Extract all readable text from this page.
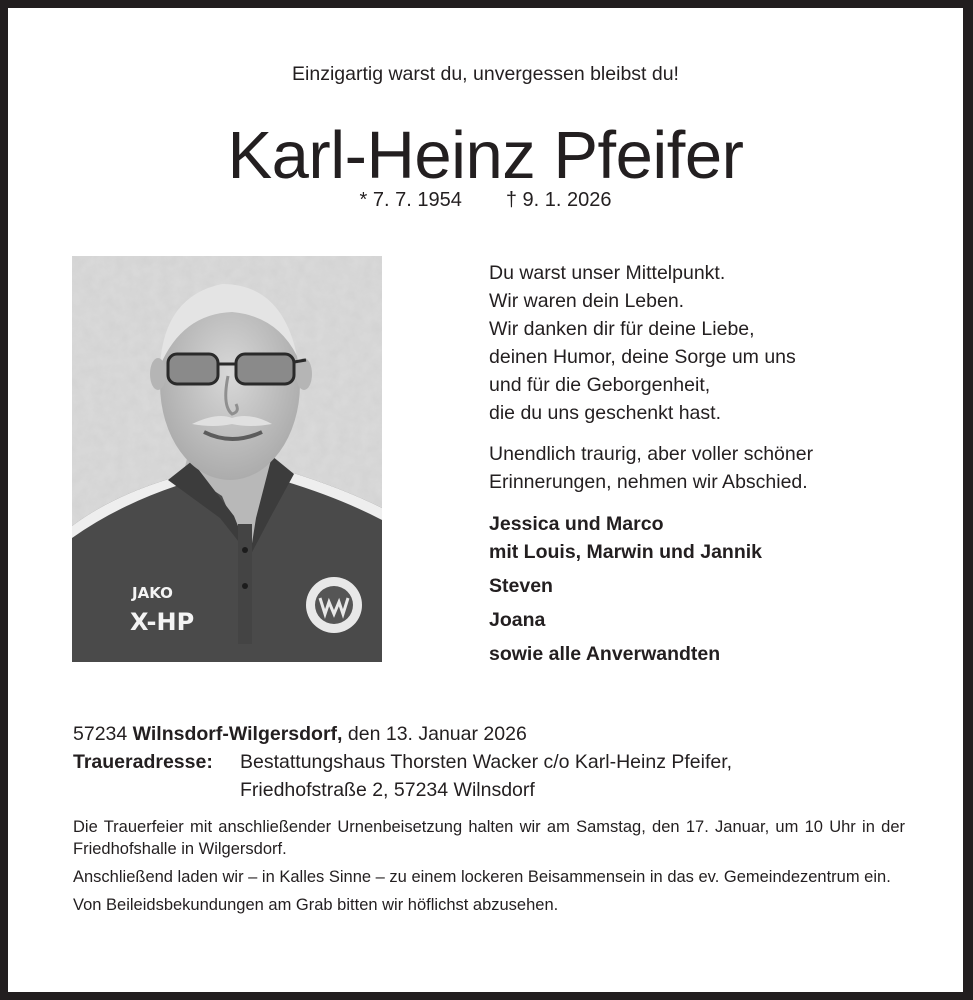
Einzigartig warst du, unvergessen bleibst du!
Karl-Heinz Pfeifer
* 7. 7. 1954 † 9. 1. 2026
JAKO
X-HP
Du warst unser Mittelpunkt.
Wir waren dein Leben.
Wir danken dir für deine Liebe,
deinen Humor, deine Sorge um uns
und für die Geborgenheit,
die du uns geschenkt hast.
Unendlich traurig, aber voller schöner
Erinnerungen, nehmen wir Abschied.
Jessica und Marco
mit Louis, Marwin und Jannik
Steven
Joana
sowie alle Anverwandten
57234 Wilnsdorf-Wilgersdorf, den 13. Januar 2026
Traueradresse: Bestattungshaus Thorsten Wacker c/o Karl-Heinz Pfeifer,
Friedhofstraße 2, 57234 Wilnsdorf

Die Trauerfeier mit anschließender Urnenbeisetzung halten wir am Samstag, den 17. Januar, um 10 Uhr in der Friedhofshalle in Wilgersdorf.

Anschließend laden wir – in Kalles Sinne – zu einem lockeren Beisammensein in das ev. Gemeindezentrum ein.

Von Beileidsbekundungen am Grab bitten wir höflichst abzusehen.
